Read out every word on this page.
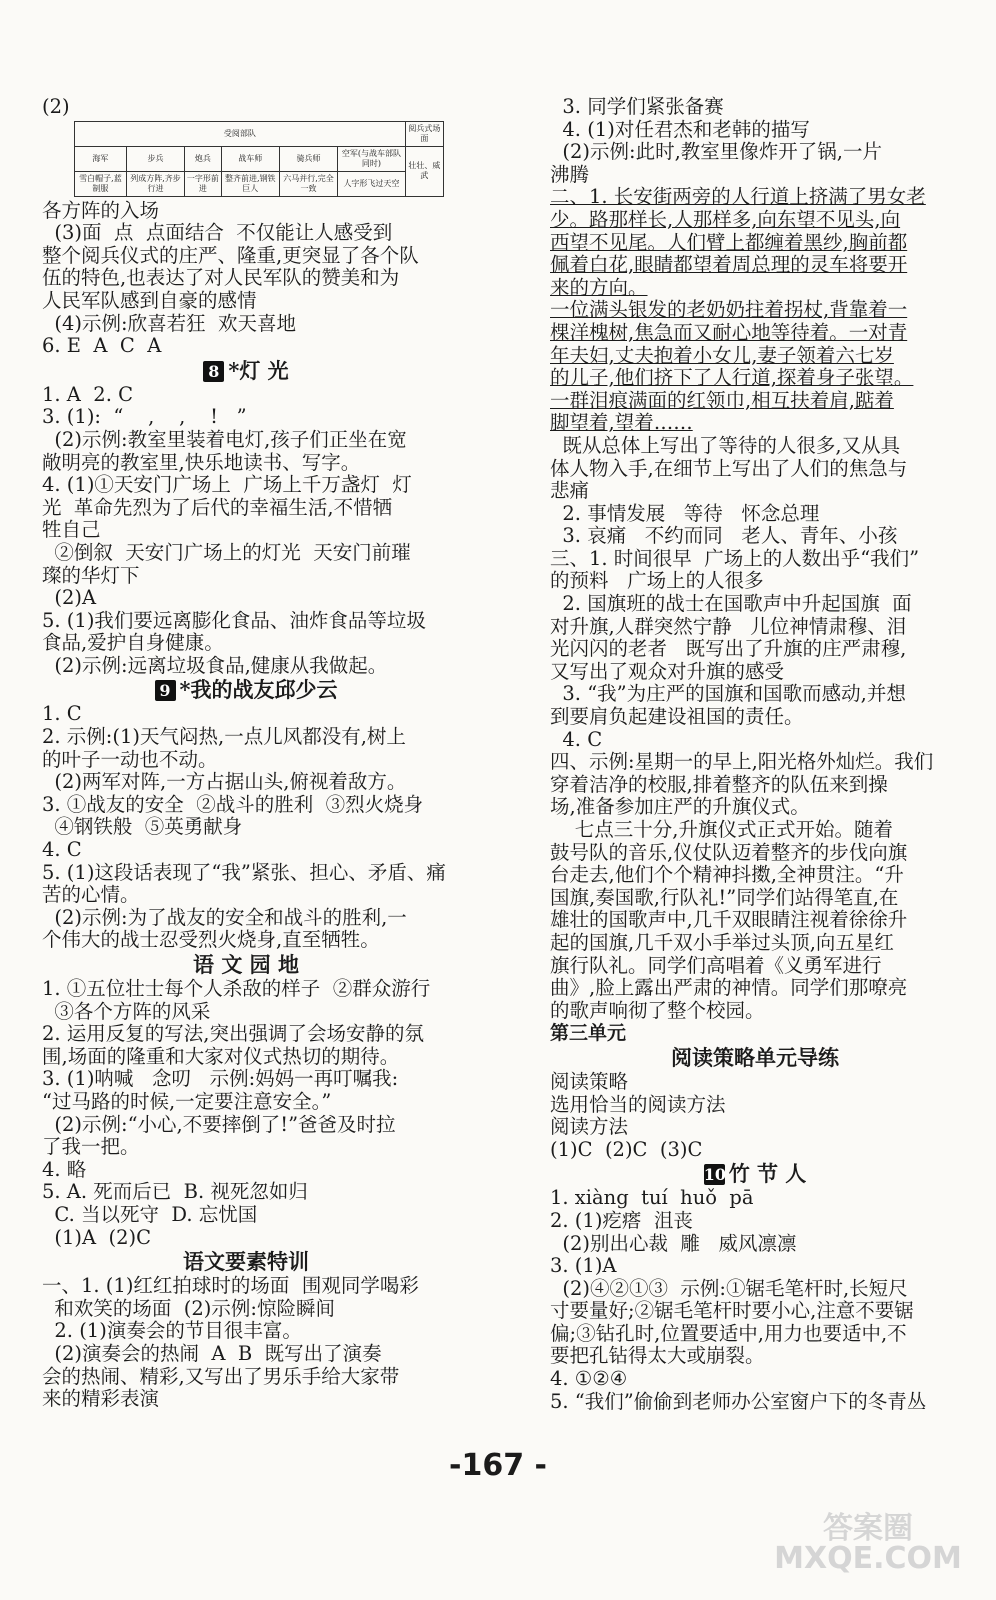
(2)
受阅部队						阅兵式场面
海军	步兵	炮兵	战车师	骑兵师	空军(与战车部队同时)	壮壮、威武
雪白帽子,蓝制服	列成方阵,齐步行进	一字形前进	整齐前进,钢铁巨人	六马并行,完全一致	人字形飞过天空	
各方阵的入场
(3)面  点  点面结合  不仅能让人感受到
整个阅兵仪式的庄严、隆重,更突显了各个队
伍的特色,也表达了对人民军队的赞美和为
人民军队感到自豪的感情
(4)示例:欣喜若狂  欢天喜地
6. E  A  C  A
8 *灯 光
1. A  2. C
3. (1):  “    ,    ,    !   ”
(2)示例:教室里装着电灯,孩子们正坐在宽
敞明亮的教室里,快乐地读书、写字。
4. (1)①天安门广场上  广场上千万盏灯  灯
光  革命先烈为了后代的幸福生活,不惜牺
牲自己
②倒叙  天安门广场上的灯光  天安门前璀
璨的华灯下
(2)A
5. (1)我们要远离膨化食品、油炸食品等垃圾
食品,爱护自身健康。
(2)示例:远离垃圾食品,健康从我做起。
9 *我的战友邱少云
1. C
2. 示例:(1)天气闷热,一点儿风都没有,树上
的叶子一动也不动。
(2)两军对阵,一方占据山头,俯视着敌方。
3. ①战友的安全  ②战斗的胜利  ③烈火烧身
④钢铁般  ⑤英勇献身
4. C
5. (1)这段话表现了“我”紧张、担心、矛盾、痛
苦的心情。
(2)示例:为了战友的安全和战斗的胜利,一
个伟大的战士忍受烈火烧身,直至牺牲。
语 文 园 地
1. ①五位壮士每个人杀敌的样子  ②群众游行
③各个方阵的风采
2. 运用反复的写法,突出强调了会场安静的氛
围,场面的隆重和大家对仪式热切的期待。
3. (1)呐喊   念叨   示例:妈妈一再叮嘱我:
“过马路的时候,一定要注意安全。”
(2)示例:“小心,不要摔倒了!”爸爸及时拉
了我一把。
4. 略
5. A. 死而后已  B. 视死忽如归
C. 当以死守  D. 忘忧国
(1)A  (2)C
语文要素特训
一、1. (1)红红拍球时的场面  围观同学喝彩
和欢笑的场面  (2)示例:惊险瞬间
2. (1)演奏会的节目很丰富。
(2)演奏会的热闹  A  B  既写出了演奏
会的热闹、精彩,又写出了男乐手给大家带
来的精彩表演
3. 同学们紧张备赛
4. (1)对任君杰和老韩的描写
(2)示例:此时,教室里像炸开了锅,一片
沸腾
二、1. 长安街两旁的人行道上挤满了男女老
少。路那样长,人那样多,向东望不见头,向
西望不见尾。人们臂上都缠着黑纱,胸前都
佩着白花,眼睛都望着周总理的灵车将要开
来的方向。
一位满头银发的老奶奶拄着拐杖,背靠着一
棵洋槐树,焦急而又耐心地等待着。一对青
年夫妇,丈夫抱着小女儿,妻子领着六七岁
的儿子,他们挤下了人行道,探着身子张望。
一群泪痕满面的红领巾,相互扶着肩,踮着
脚望着,望着……
既从总体上写出了等待的人很多,又从具
体人物入手,在细节上写出了人们的焦急与
悲痛
2. 事情发展   等待   怀念总理
3. 哀痛   不约而同   老人、青年、小孩
三、1. 时间很早  广场上的人数出乎“我们”
的预料   广场上的人很多
2. 国旗班的战士在国歌声中升起国旗  面
对升旗,人群突然宁静   儿位神情肃穆、泪
光闪闪的老者   既写出了升旗的庄严肃穆,
又写出了观众对升旗的感受
3. “我”为庄严的国旗和国歌而感动,并想
到要肩负起建设祖国的责任。
4. C
四、示例:星期一的早上,阳光格外灿烂。我们
穿着洁净的校服,排着整齐的队伍来到操
场,准备参加庄严的升旗仪式。
七点三十分,升旗仪式正式开始。随着
鼓号队的音乐,仪仗队迈着整齐的步伐向旗
台走去,他们个个精神抖擞,全神贯注。“升
国旗,奏国歌,行队礼!”同学们站得笔直,在
雄壮的国歌声中,几千双眼睛注视着徐徐升
起的国旗,几千双小手举过头顶,向五星红
旗行队礼。同学们高唱着《义勇军进行
曲》,脸上露出严肃的神情。同学们那嘹亮
的歌声响彻了整个校园。
第三单元
阅读策略单元导练
阅读策略
选用恰当的阅读方法
阅读方法
(1)C  (2)C  (3)C
10 竹 节 人
1. xiàng  tuí  huǒ  pā
2. (1)疙瘩  沮丧
(2)别出心裁  雕   威风凛凛
3. (1)A
(2)④②①③  示例:①锯毛笔杆时,长短尺
寸要量好;②锯毛笔杆时要小心,注意不要锯
偏;③钻孔时,位置要适中,用力也要适中,不
要把孔钻得太大或崩裂。
4. ①②④
5. “我们”偷偷到老师办公室窗户下的冬青丛
-167 -
答案圈
MXQE.COM
